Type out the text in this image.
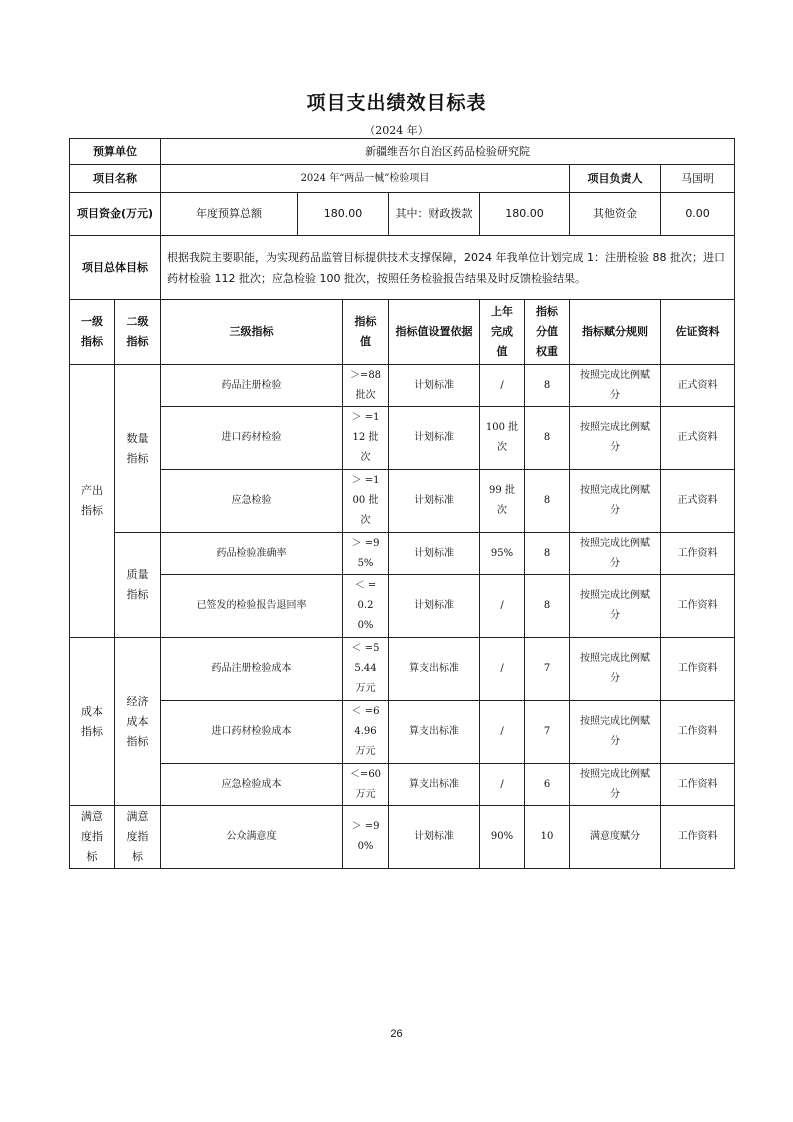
项目支出绩效目标表
（2024 年）
预算单位		新疆维吾尔自治区药品检验研究院							
项目名称		2024 年“两品一械”检验项目						项目负责人	马国明
项目资金(万元)		年度预算总额	180.00		其中：财政拨款	180.00		其他资金	0.00
项目总体目标		根据我院主要职能，为实现药品监管目标提供技术支撑保障，2024 年我单位计划完成 1：注册检验 88 批次；进口药材检验 112 批次；应急检验 100 批次，按照任务检验报告结果及时反馈检验结果。							

一级指标	二级指标	三级指标		指标值	指标值设置依据	上年完成值	指标分值权重	指标赋分规则	佐证资料

产出指标	数量指标	药品注册检验		＞=88 批次	计划标准	/	8	按照完成比例赋分	正式资料
		进口药材检验		＞ =112 批次	计划标准	100 批次	8	按照完成比例赋分	正式资料
		应急检验		＞ =100 批次	计划标准	99 批次	8	按照完成比例赋分	正式资料

	质量指标	药品检验准确率		＞ =95%	计划标准	95%	8	按照完成比例赋分	工作资料
		已签发的检验报告退回率		＜ =0.20%	计划标准	/	8	按照完成比例赋分	工作资料

成本指标	经济成本指标	药品注册检验成本		＜ =55.44 万元	算支出标准	/	7	按照完成比例赋分	工作资料
		进口药材检验成本		＜ =64.96 万元	算支出标准	/	7	按照完成比例赋分	工作资料
		应急检验成本		＜=60 万元	算支出标准	/	6	按照完成比例赋分	工作资料

满意度指标	满意度指标	公众满意度		＞ =90%	计划标准	90%	10	满意度赋分	工作资料
26
